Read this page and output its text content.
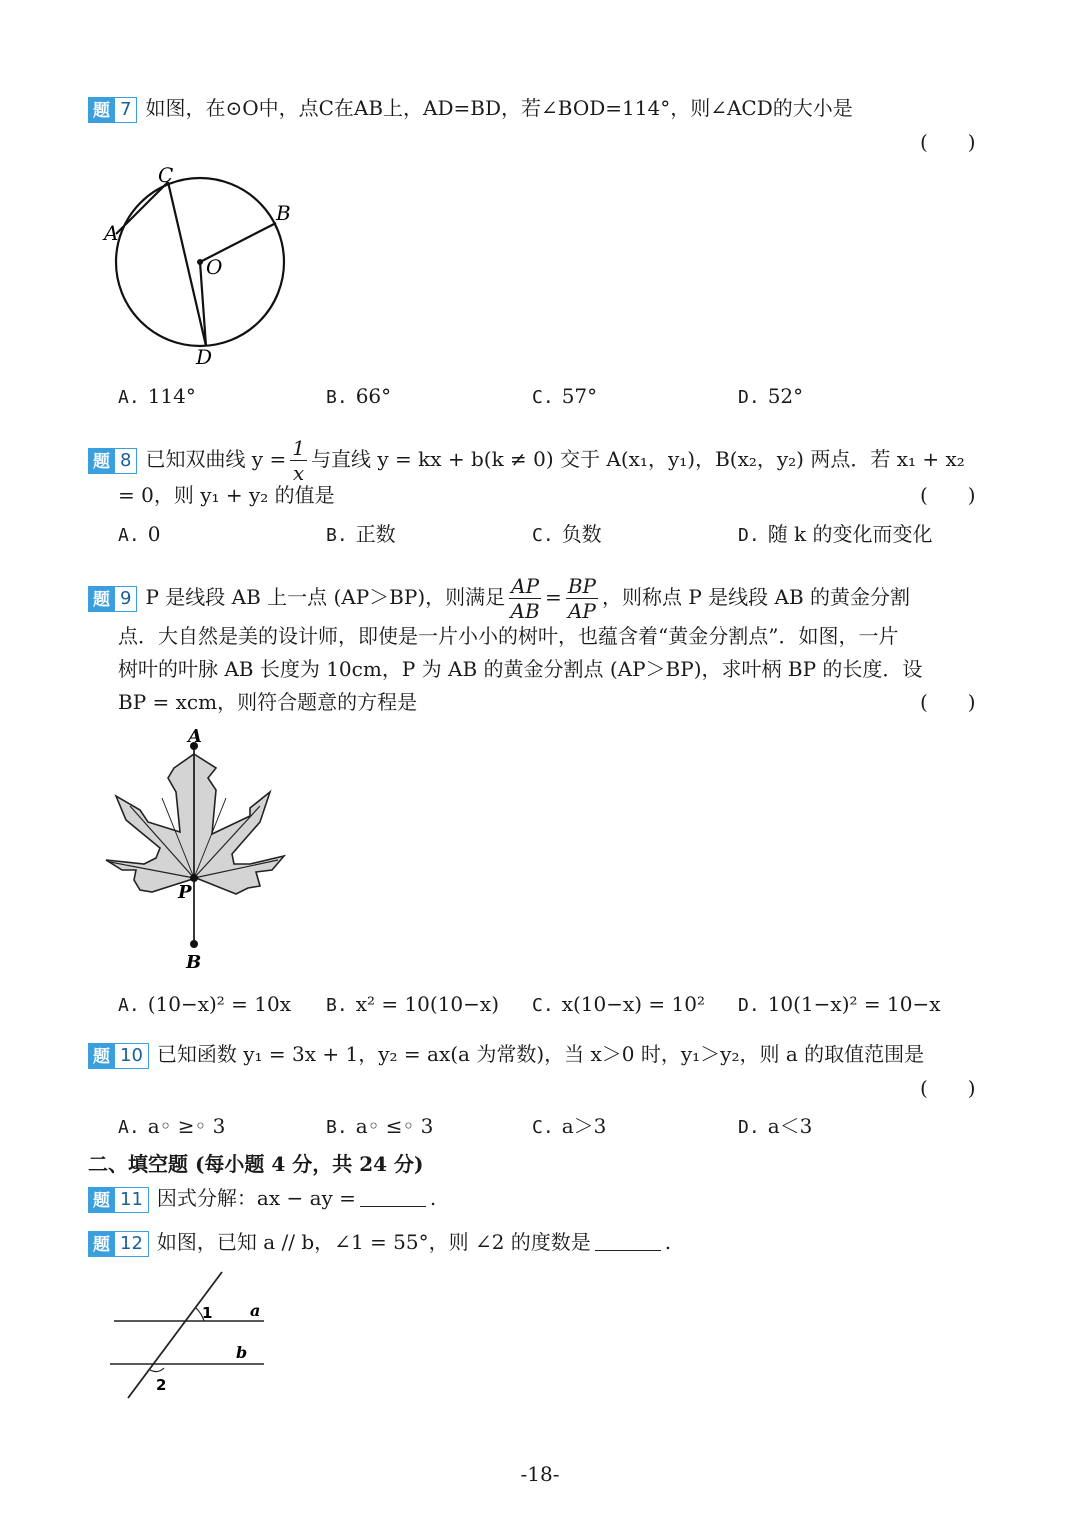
题 7 如图，在⊙O中，点C在AB上，AD=BD，若∠BOD=114°，则∠ACD的大小是
(　　)
C
B
A
O
D
A. 114°	B. 66°	C. 57°	D. 52°
题 8 已知双曲线 $y = \frac{1}{x}$ 与直线 y = kx + b(k ≠ 0) 交于 A(x₁，y₁)，B(x₂，y₂) 两点．若 x₁ + x₂
= 0，则 y₁ + y₂ 的值是	(　　)
A. 0	B. 正数	C. 负数	D. 随 k 的变化而变化
题 9 P 是线段 AB 上一点 (AP＞BP)，则满足 $\frac{AP}{AB} = \frac{BP}{AP}$ ，则称点 P 是线段 AB 的黄金分割
点．大自然是美的设计师，即使是一片小小的树叶，也蕴含着“黄金分割点”．如图，一片
树叶的叶脉 AB 长度为 10cm，P 为 AB 的黄金分割点 (AP＞BP)，求叶柄 BP 的长度．设
BP = xcm，则符合题意的方程是	(　　)
A
P
B
A. (10−x)² = 10x B. x² = 10(10−x) C. x(10−x) = 10² D. 10(1−x)² = 10−x
题 10 已知函数 y₁ = 3x + 1，y₂ = ax(a 为常数)，当 x＞0 时，y₁＞y₂，则 a 的取值范围是
(　　)
A. a◦ ≥◦ 3	B. a◦ ≤◦ 3	C. a＞3	D. a＜3
二、填空题 (每小题 4 分，共 24 分)
题 11 因式分解：ax − ay =	.
题 12 如图，已知 a // b，∠1 = 55°，则 ∠2 的度数是	.
1 a
b
2
-18-
